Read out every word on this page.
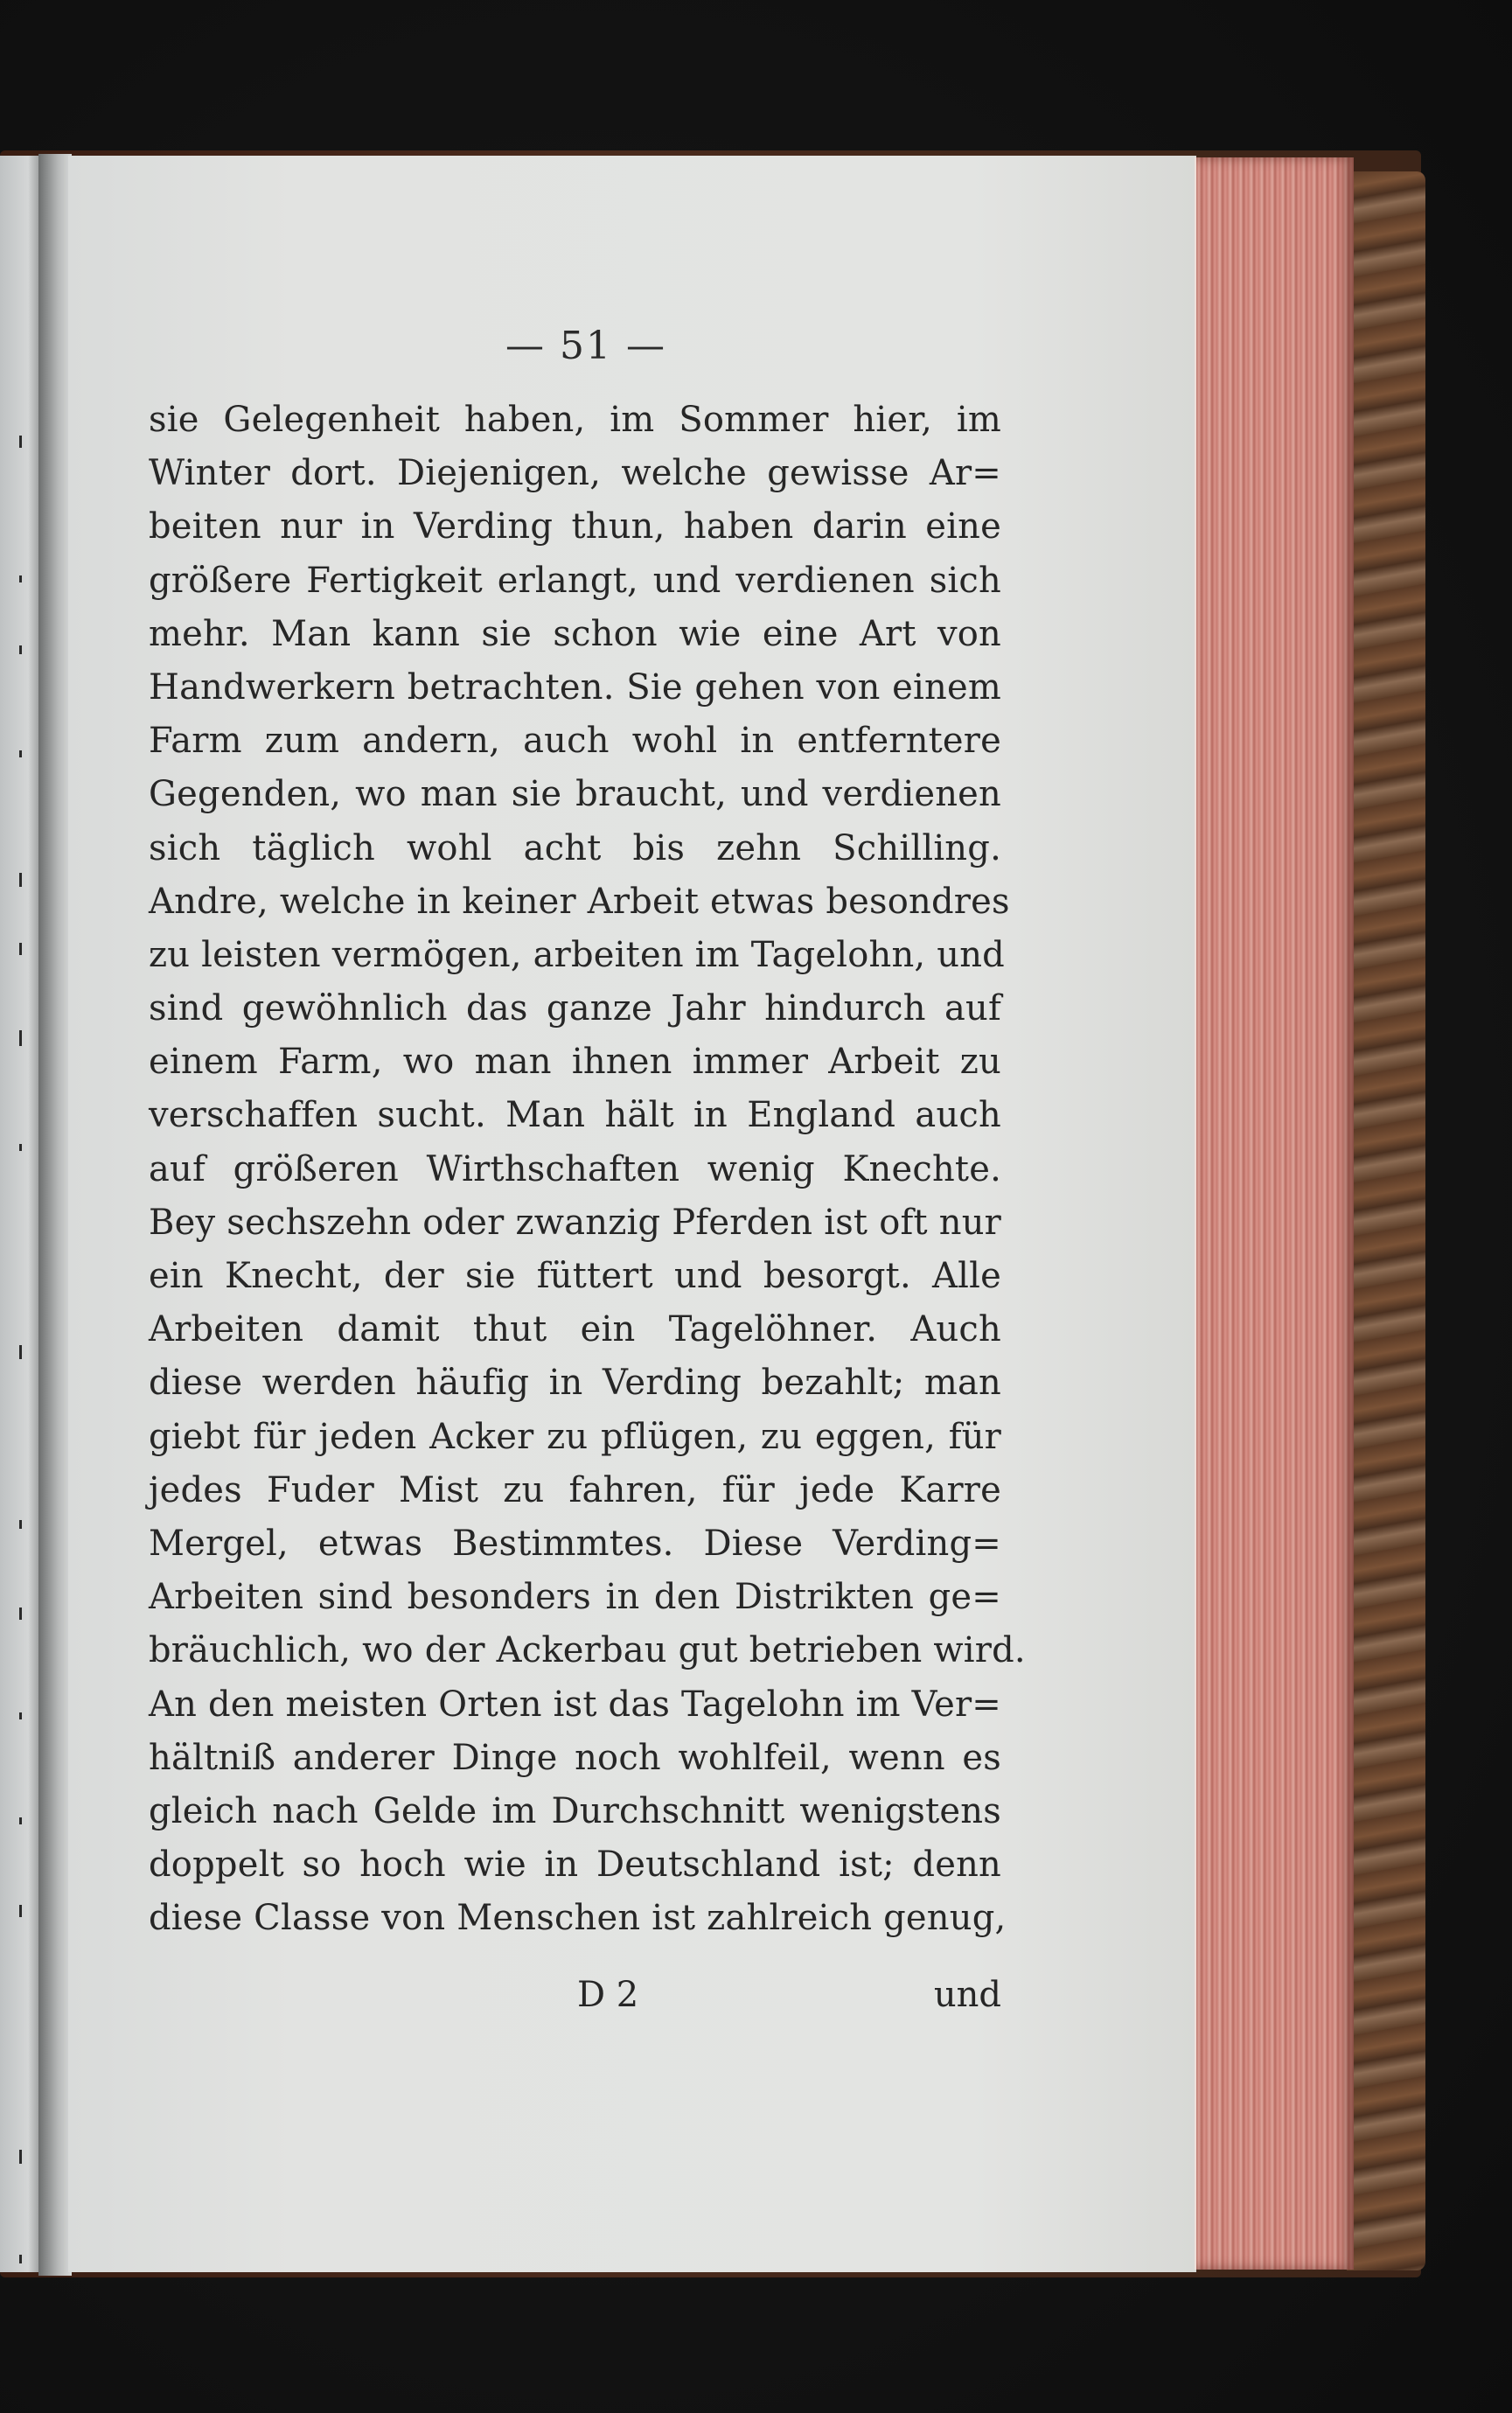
— 51 —
sie Gelegenheit haben, im Sommer hier, im
Winter dort. Diejenigen, welche gewisse Ar=
beiten nur in Verding thun, haben darin eine
größere Fertigkeit erlangt, und verdienen sich
mehr. Man kann sie schon wie eine Art von
Handwerkern betrachten. Sie gehen von einem
Farm zum andern, auch wohl in entferntere
Gegenden, wo man sie braucht, und verdienen
sich täglich wohl acht bis zehn Schilling.
Andre, welche in keiner Arbeit etwas besondres
zu leisten vermögen, arbeiten im Tagelohn, und
sind gewöhnlich das ganze Jahr hindurch auf
einem Farm, wo man ihnen immer Arbeit zu
verschaffen sucht. Man hält in England auch
auf größeren Wirthschaften wenig Knechte.
Bey sechszehn oder zwanzig Pferden ist oft nur
ein Knecht, der sie füttert und besorgt. Alle
Arbeiten damit thut ein Tagelöhner. Auch
diese werden häufig in Verding bezahlt; man
giebt für jeden Acker zu pflügen, zu eggen, für
jedes Fuder Mist zu fahren, für jede Karre
Mergel, etwas Bestimmtes. Diese Verding=
Arbeiten sind besonders in den Distrikten ge=
bräuchlich, wo der Ackerbau gut betrieben wird.
An den meisten Orten ist das Tagelohn im Ver=
hältniß anderer Dinge noch wohlfeil, wenn es
gleich nach Gelde im Durchschnitt wenigstens
doppelt so hoch wie in Deutschland ist; denn
diese Classe von Menschen ist zahlreich genug,
D 2	und
